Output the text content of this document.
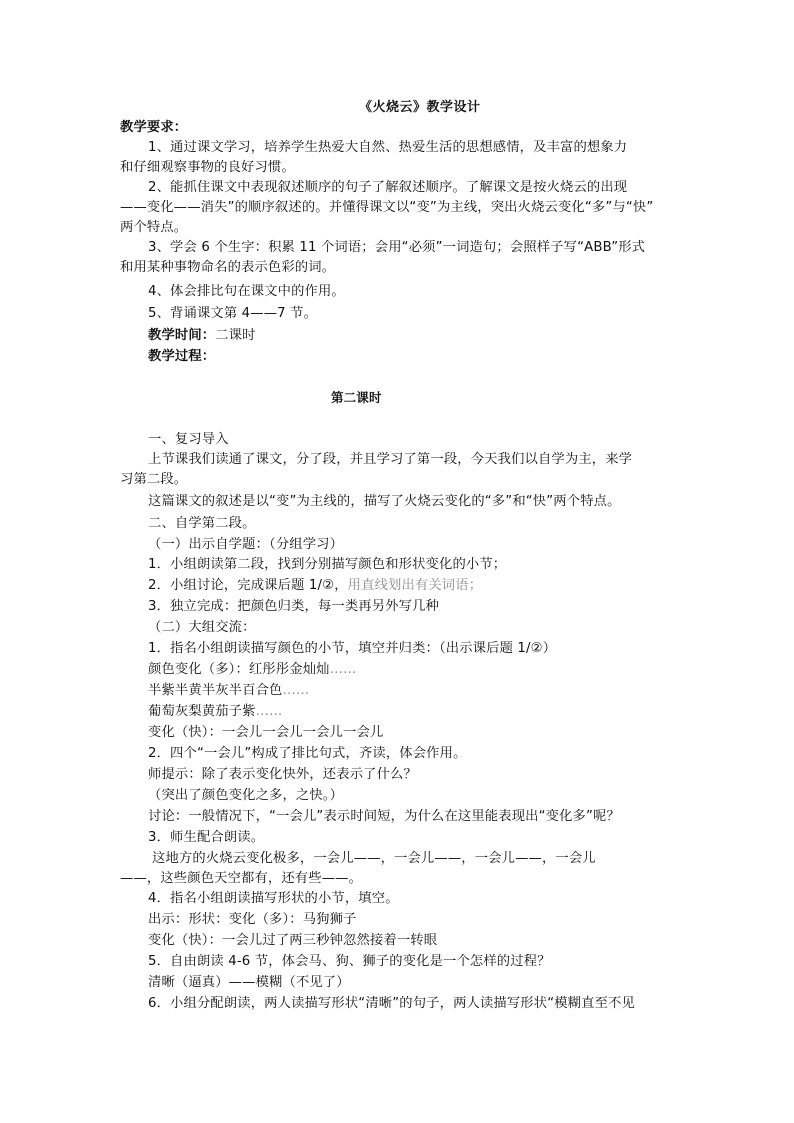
《火烧云》教学设计

教学要求：

1、通过课文学习，培养学生热爱大自然、热爱生活的思想感情，及丰富的想象力

和仔细观察事物的良好习惯。

2、能抓住课文中表现叙述顺序的句子了解叙述顺序。了解课文是按火烧云的出现

——变化——消失”的顺序叙述的。并懂得课文以“变”为主线，突出火烧云变化“多”与“快”

两个特点。

3、学会 6 个生字：积累 11 个词语；会用“必须”一词造句；会照样子写“ABB”形式

和用某种事物命名的表示色彩的词。

4、体会排比句在课文中的作用。

5、背诵课文第 4——7 节。

教学时间：二课时

教学过程：

第二课时

一、复习导入

上节课我们读通了课文，分了段，并且学习了第一段，今天我们以自学为主，来学

习第二段。

这篇课文的叙述是以“变”为主线的，描写了火烧云变化的“多”和“快”两个特点。

二、自学第二段。

（一）出示自学题：（分组学习）

1．小组朗读第二段，找到分别描写颜色和形状变化的小节；

2．小组讨论，完成课后题 1/②，用直线划出有关词语；

3．独立完成：把颜色归类，每一类再另外写几种

（二）大组交流：

1．指名小组朗读描写颜色的小节，填空并归类：（出示课后题 1/②）

颜色变化（多）：红彤彤金灿灿……

半紫半黄半灰半百合色……

葡萄灰梨黄茄子紫……

变化（快）：一会儿一会儿一会儿一会儿

2．四个“一会儿”构成了排比句式，齐读，体会作用。

师提示：除了表示变化快外，还表示了什么？

（突出了颜色变化之多，之快。）

讨论：一般情况下，“一会儿”表示时间短，为什么在这里能表现出“变化多”呢？

3．师生配合朗读。

这地方的火烧云变化极多，一会儿——，一会儿——，一会儿——，一会儿

——，这些颜色天空都有，还有些——。

4．指名小组朗读描写形状的小节，填空。

出示：形状：变化（多）：马狗狮子

变化（快）：一会儿过了两三秒钟忽然接着一转眼

5．自由朗读 4-6 节，体会马、狗、狮子的变化是一个怎样的过程？

清晰（逼真）——模糊（不见了）

6．小组分配朗读，两人读描写形状“清晰”的句子，两人读描写形状“模糊直至不见
